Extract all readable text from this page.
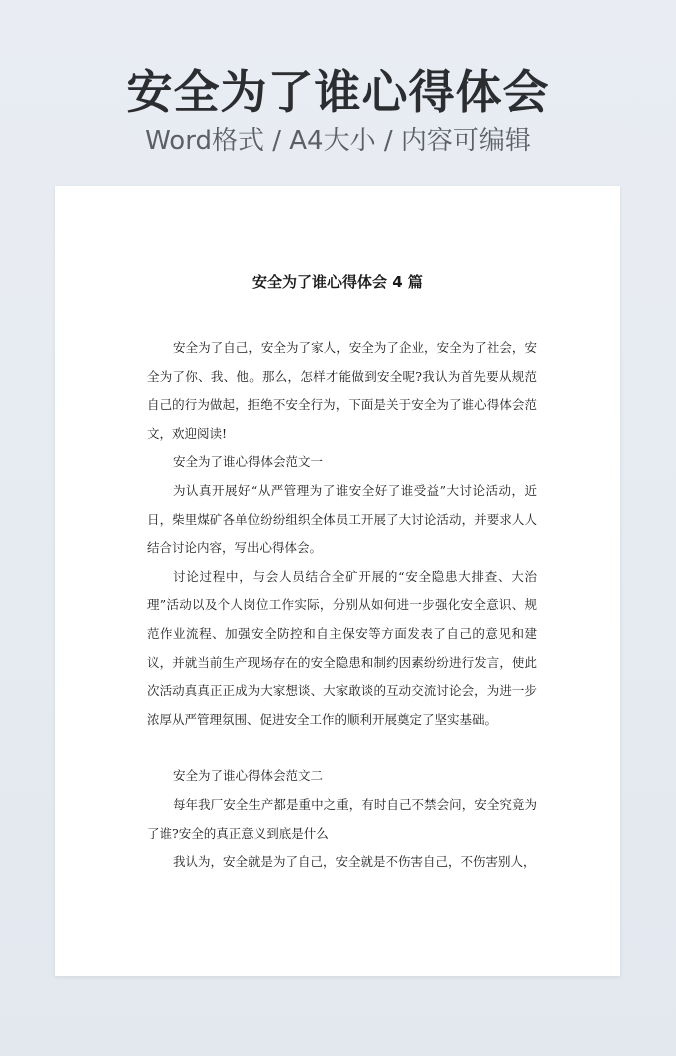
安全为了谁心得体会
Word格式 / A4大小 / 内容可编辑
安全为了谁心得体会 4 篇

安全为了自己，安全为了家人，安全为了企业，安全为了社会，安全为了你、我、他。那么，怎样才能做到安全呢?我认为首先要从规范自己的行为做起，拒绝不安全行为，下面是关于安全为了谁心得体会范文，欢迎阅读!

安全为了谁心得体会范文一

为认真开展好“从严管理为了谁安全好了谁受益”大讨论活动，近日，柴里煤矿各单位纷纷组织全体员工开展了大讨论活动，并要求人人结合讨论内容，写出心得体会。

讨论过程中，与会人员结合全矿开展的“安全隐患大排查、大治理”活动以及个人岗位工作实际，分别从如何进一步强化安全意识、规范作业流程、加强安全防控和自主保安等方面发表了自己的意见和建议，并就当前生产现场存在的安全隐患和制约因素纷纷进行发言，使此次活动真真正正成为大家想谈、大家敢谈的互动交流讨论会，为进一步浓厚从严管理氛围、促进安全工作的顺利开展奠定了坚实基础。

安全为了谁心得体会范文二

每年我厂安全生产都是重中之重，有时自己不禁会问，安全究竟为了谁?安全的真正意义到底是什么

我认为，安全就是为了自己，安全就是不伤害自己，不伤害别人，
